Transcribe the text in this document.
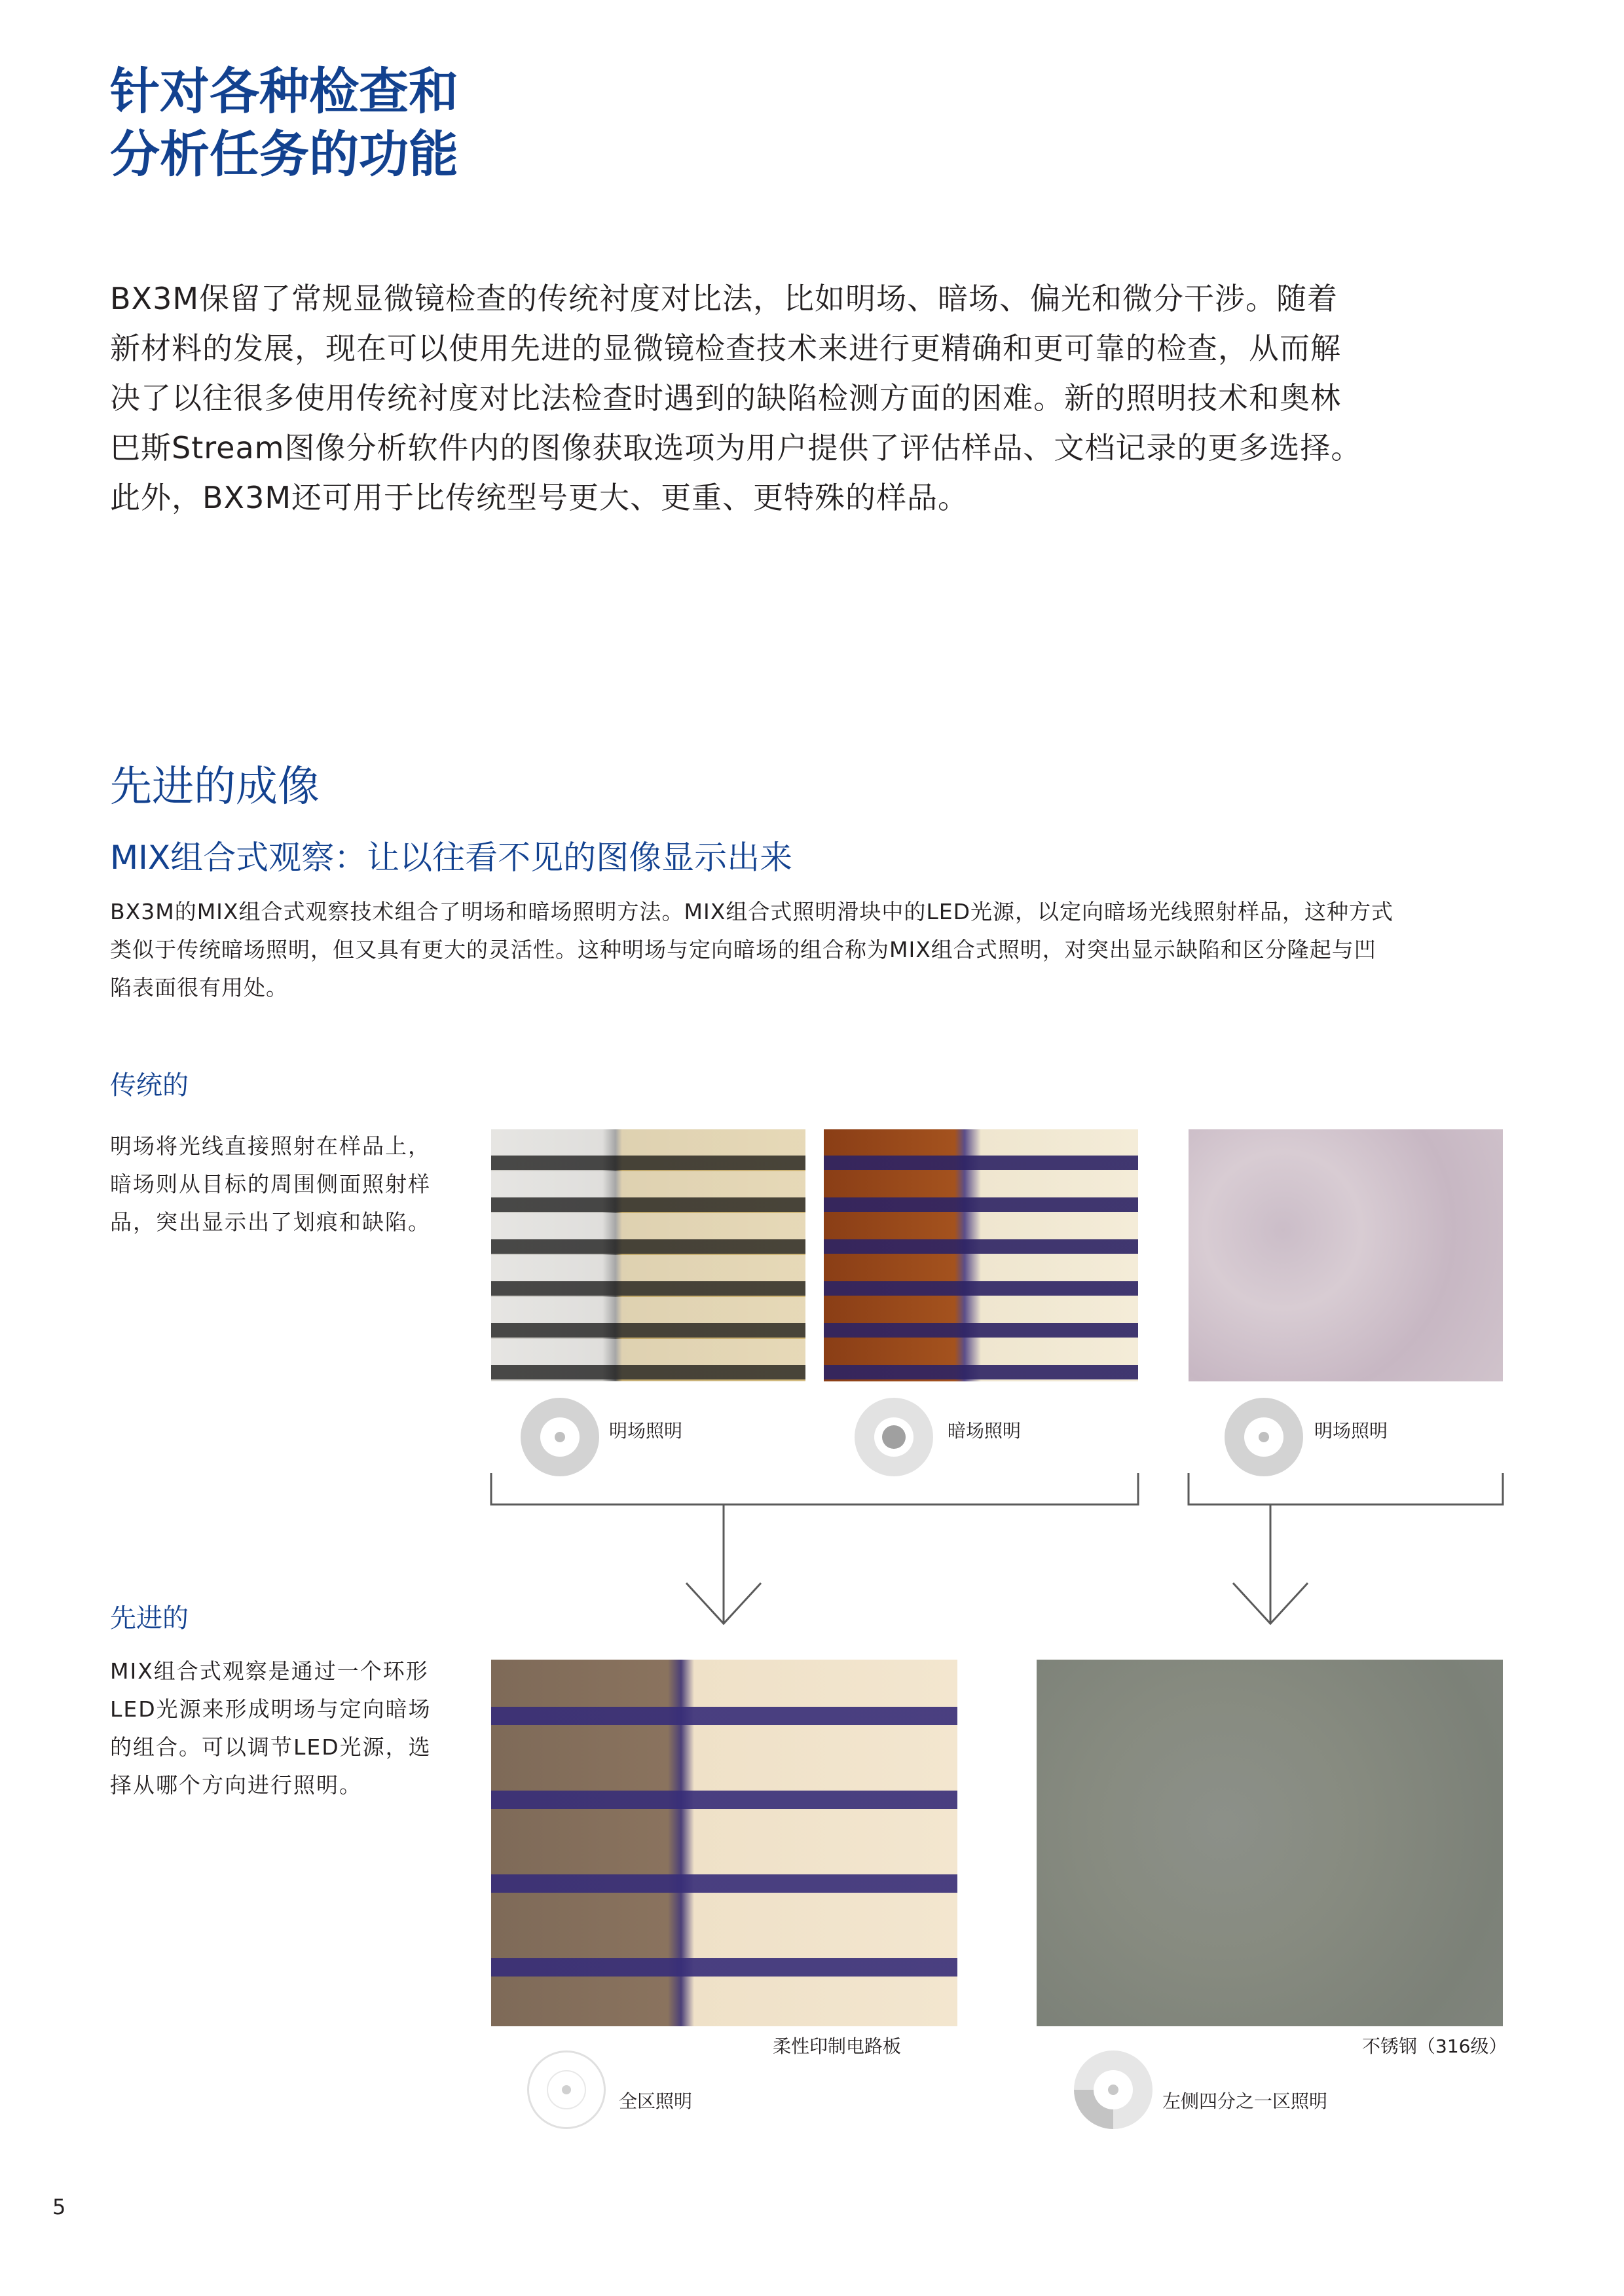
针对各种检查和
分析任务的功能
BX3M保留了常规显微镜检查的传统衬度对比法，比如明场、暗场、偏光和微分干涉。随着
新材料的发展，现在可以使用先进的显微镜检查技术来进行更精确和更可靠的检查，从而解
决了以往很多使用传统衬度对比法检查时遇到的缺陷检测方面的困难。新的照明技术和奥林
巴斯Stream图像分析软件内的图像获取选项为用户提供了评估样品、文档记录的更多选择。
此外，BX3M还可用于比传统型号更大、更重、更特殊的样品。
先进的成像
MIX组合式观察：让以往看不见的图像显示出来
BX3M的MIX组合式观察技术组合了明场和暗场照明方法。MIX组合式照明滑块中的LED光源，以定向暗场光线照射样品，这种方式
类似于传统暗场照明，但又具有更大的灵活性。这种明场与定向暗场的组合称为MIX组合式照明，对突出显示缺陷和区分隆起与凹
陷表面很有用处。
传统的
明场将光线直接照射在样品上，
暗场则从目标的周围侧面照射样
品，突出显示出了划痕和缺陷。
明场照明	暗场照明	明场照明
先进的
MIX组合式观察是通过一个环形
LED光源来形成明场与定向暗场
的组合。可以调节LED光源，选
择从哪个方向进行照明。
柔性印制电路板	不锈钢（316级）
全区照明	左侧四分之一区照明
5
